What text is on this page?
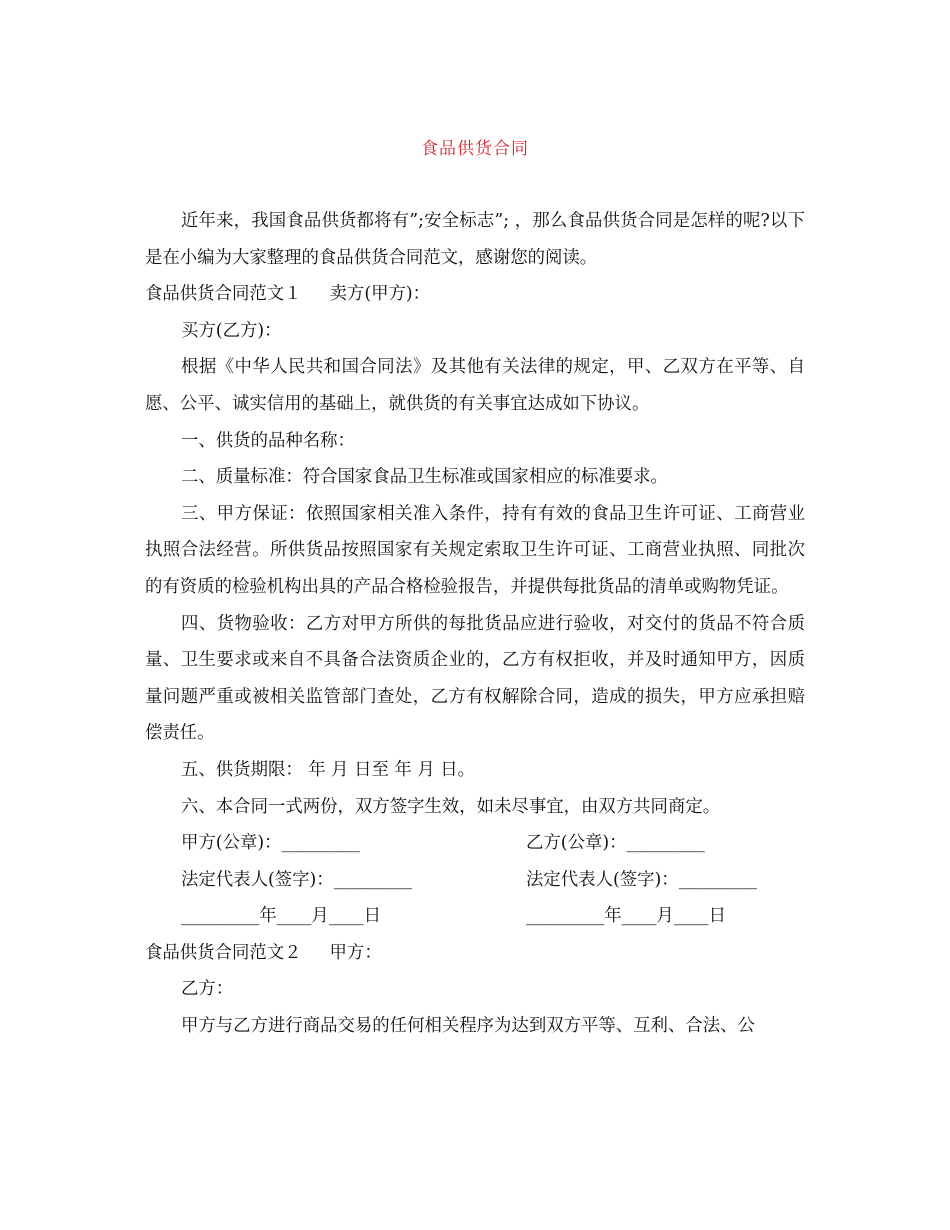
食品供货合同

近年来，我国食品供货都将有”;安全标志”; ，那么食品供货合同是怎样的呢?以下是在小编为大家整理的食品供货合同范文，感谢您的阅读。

食品供货合同范文１ 卖方(甲方)：

买方(乙方)：

根据《中华人民共和国合同法》及其他有关法律的规定，甲、乙双方在平等、自愿、公平、诚实信用的基础上，就供货的有关事宜达成如下协议。

一、供货的品种名称：

二、质量标准：符合国家食品卫生标准或国家相应的标准要求。

三、甲方保证：依照国家相关准入条件，持有有效的食品卫生许可证、工商营业执照合法经营。所供货品按照国家有关规定索取卫生许可证、工商营业执照、同批次的有资质的检验机构出具的产品合格检验报告，并提供每批货品的清单或购物凭证。

四、货物验收：乙方对甲方所供的每批货品应进行验收，对交付的货品不符合质量、卫生要求或来自不具备合法资质企业的，乙方有权拒收，并及时通知甲方，因质量问题严重或被相关监管部门查处，乙方有权解除合同，造成的损失，甲方应承担赔偿责任。

五、供货期限： 年 月 日至 年 月 日。

六、本合同一式两份，双方签字生效，如未尽事宜，由双方共同商定。

甲方(公章)：_________	乙方(公章)：_________
法定代表人(签字)：_________	法定代表人(签字)：_________
_________年____月____日	_________年____月____日

食品供货合同范文２ 甲方：

乙方：

甲方与乙方进行商品交易的任何相关程序为达到双方平等、互利、合法、公
